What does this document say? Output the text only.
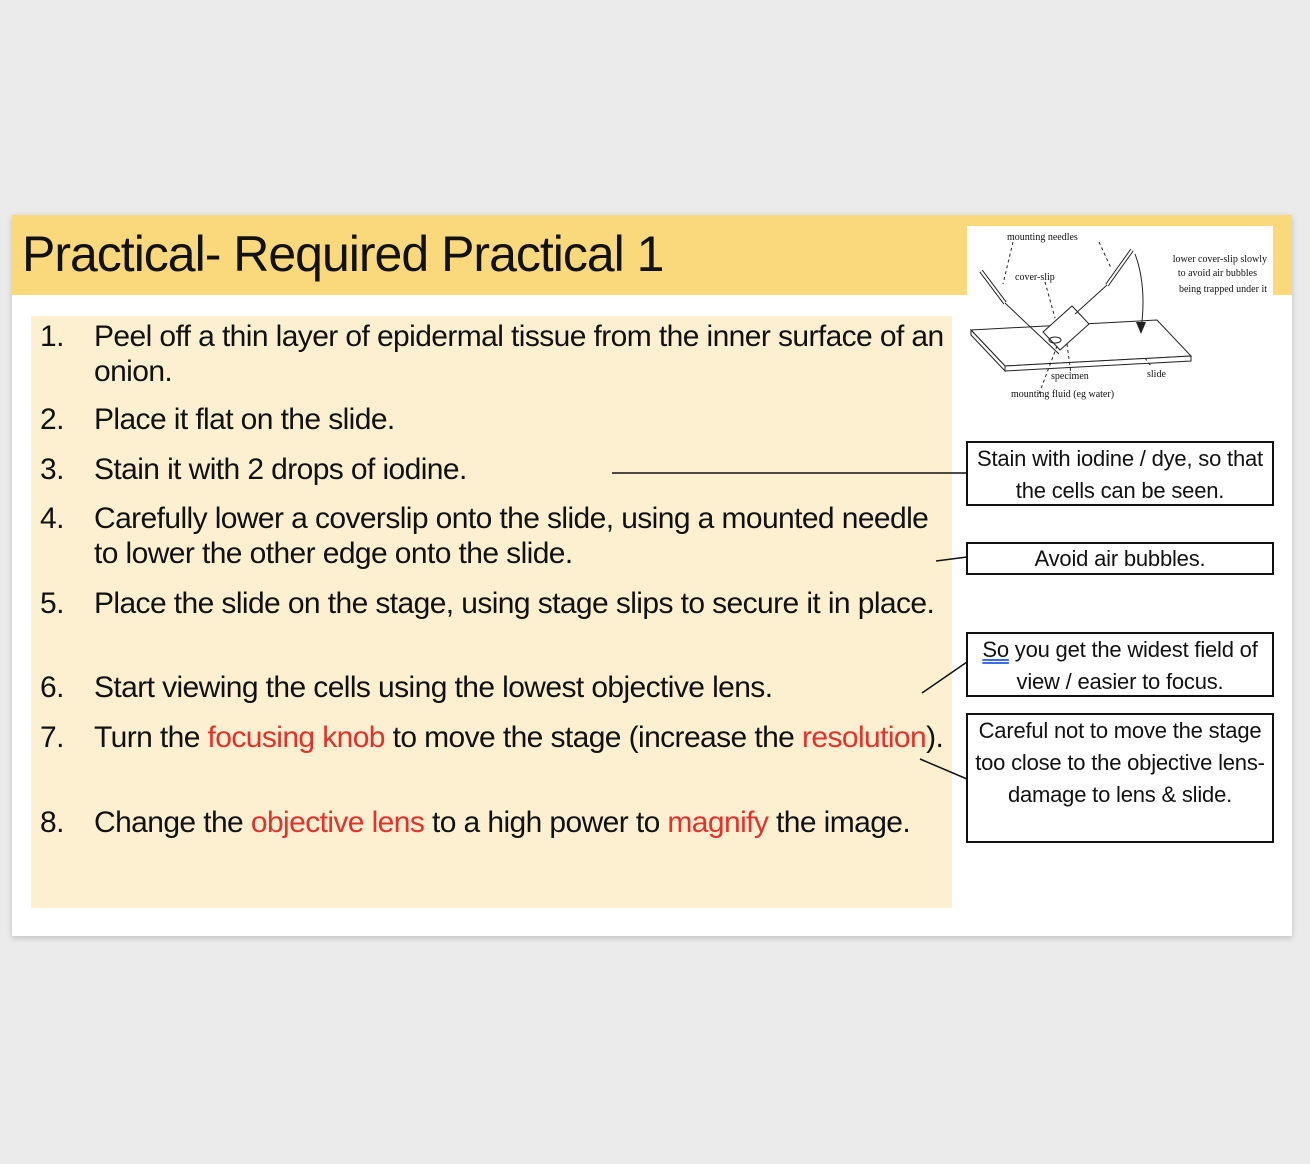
Practical- Required Practical 1
1.	Peel off a thin layer of epidermal tissue from the inner surface of an onion.
2.	Place it flat on the slide.
3.	Stain it with 2 drops of iodine.
4.	Carefully lower a coverslip onto the slide, using a mounted needle to lower the other edge onto the slide.
5.	Place the slide on the stage, using stage slips to secure it in place.
6.	Start viewing the cells using the lowest objective lens.
7.	Turn the focusing knob to move the stage (increase the resolution).
8.	Change the objective lens to a high power to magnify the image.
mounting needles
cover-slip
lower cover-slip slowly
to avoid air bubbles
being trapped under it
specimen	slide
mounting fluid (eg water)
Stain with iodine / dye, so that the cells can be seen.
Avoid air bubbles.
So you get the widest field of view / easier to focus.
Careful not to move the stage too close to the objective lens- damage to lens & slide.
